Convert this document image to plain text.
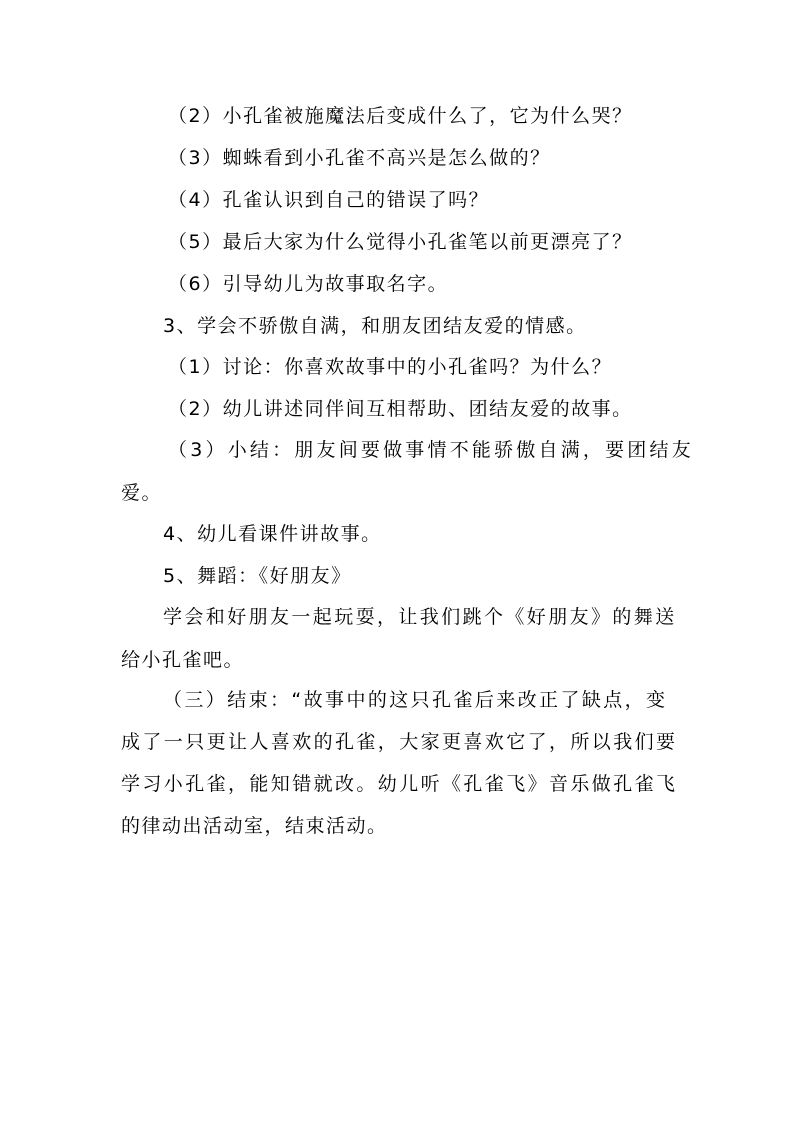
（2）小孔雀被施魔法后变成什么了，它为什么哭？
（3）蜘蛛看到小孔雀不高兴是怎么做的？
（4）孔雀认识到自己的错误了吗？
（5）最后大家为什么觉得小孔雀笔以前更漂亮了？
（6）引导幼儿为故事取名字。
3、学会不骄傲自满，和朋友团结友爱的情感。
（1）讨论：你喜欢故事中的小孔雀吗？为什么？
（2）幼儿讲述同伴间互相帮助、团结友爱的故事。
（3）小结：朋友间要做事情不能骄傲自满，要团结友
爱。
4、幼儿看课件讲故事。
5、舞蹈：《好朋友》
学会和好朋友一起玩耍，让我们跳个《好朋友》的舞送
给小孔雀吧。
（三）结束：“故事中的这只孔雀后来改正了缺点，变
成了一只更让人喜欢的孔雀，大家更喜欢它了，所以我们要
学习小孔雀，能知错就改。幼儿听《孔雀飞》音乐做孔雀飞
的律动出活动室，结束活动。
